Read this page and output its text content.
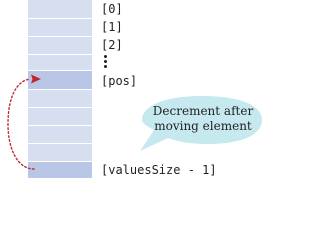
[0]
[1]
[2]
[pos]
[valuesSize - 1]
Decrement after
moving element
